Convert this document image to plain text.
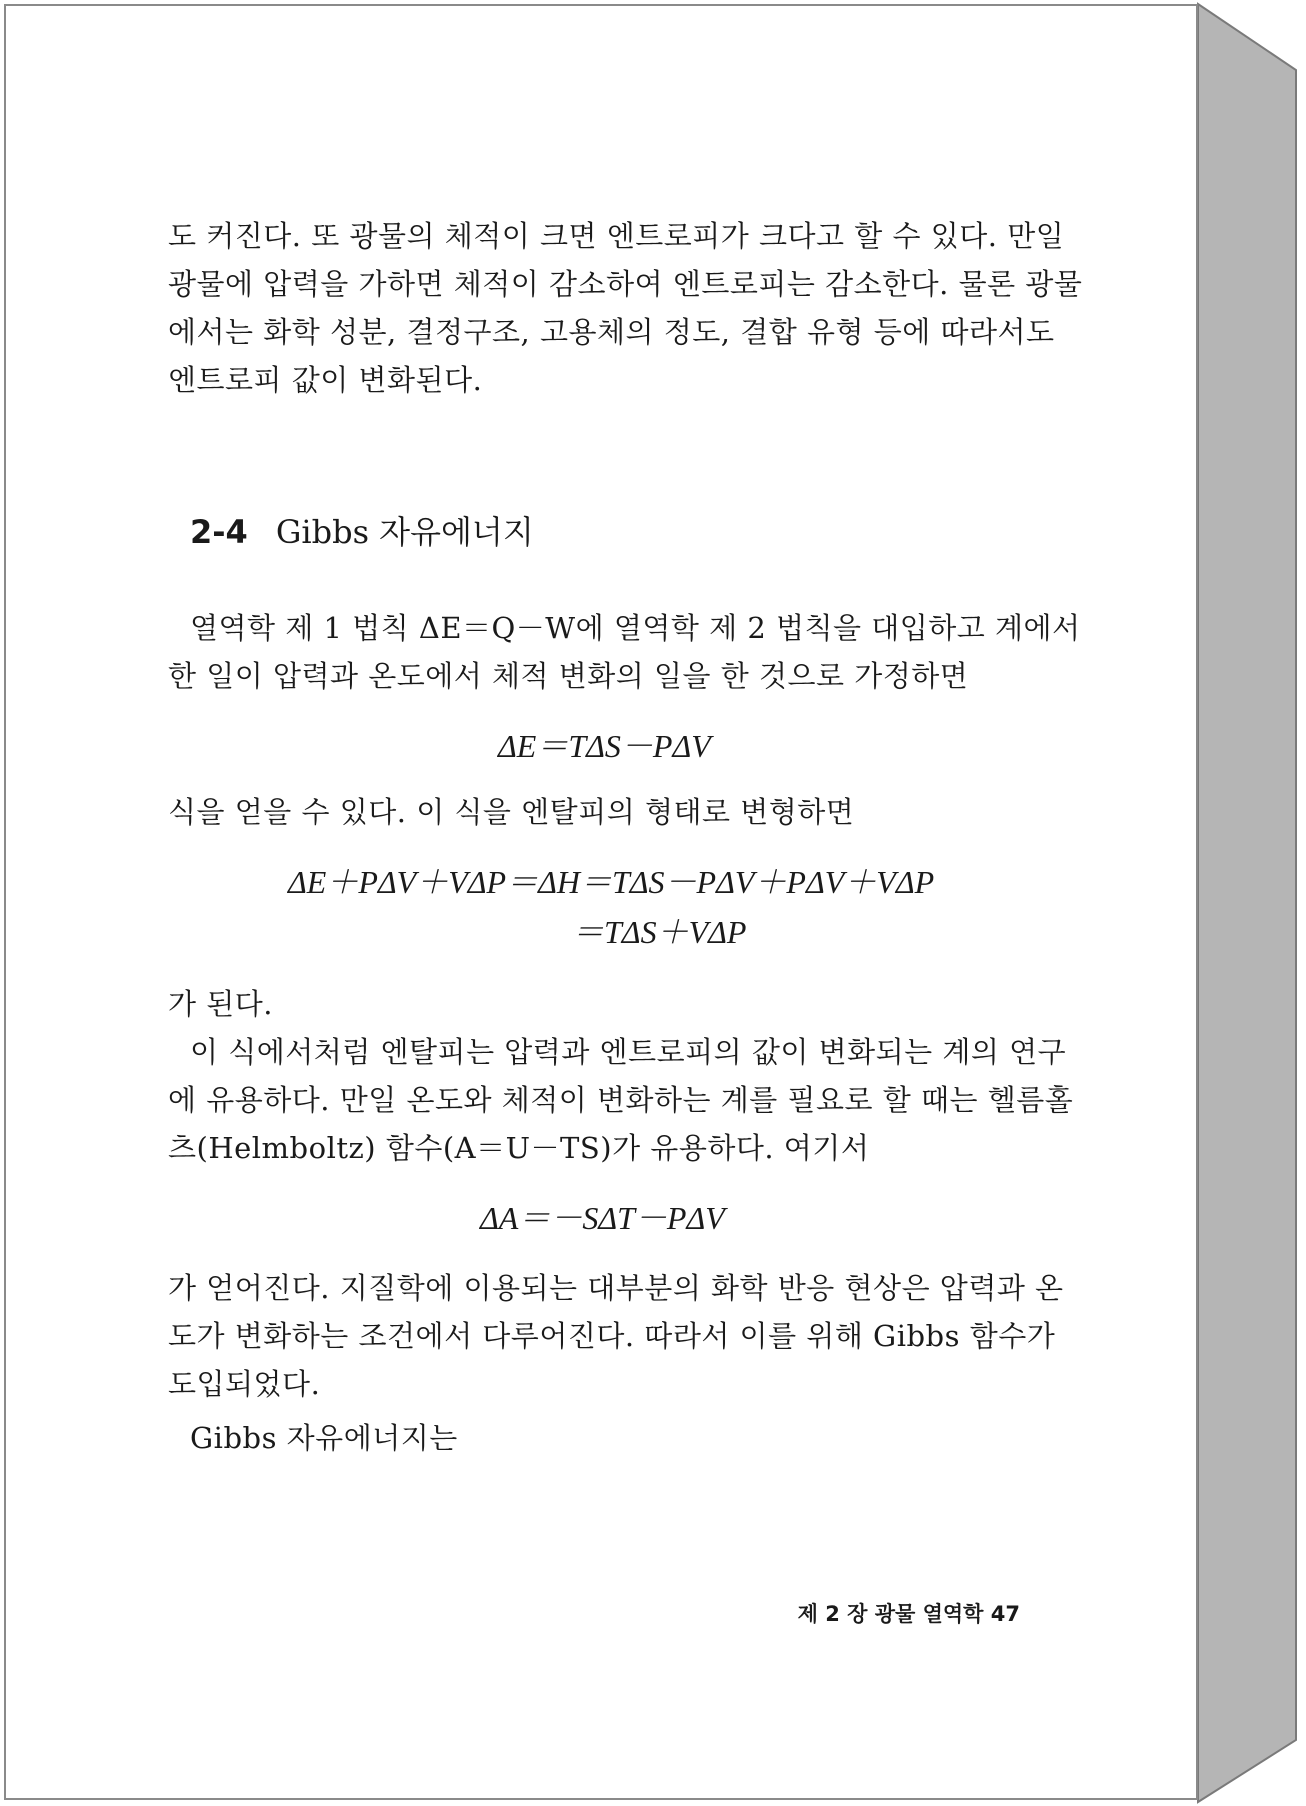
도 커진다. 또 광물의 체적이 크면 엔트로피가 크다고 할 수 있다. 만일
광물에 압력을 가하면 체적이 감소하여 엔트로피는 감소한다. 물론 광물
에서는 화학 성분, 결정구조, 고용체의 정도, 결합 유형 등에 따라서도
엔트로피 값이 변화된다.
2-4 Gibbs 자유에너지
열역학 제 1 법칙 ΔE＝Q－W에 열역학 제 2 법칙을 대입하고 계에서
한 일이 압력과 온도에서 체적 변화의 일을 한 것으로 가정하면
ΔE＝TΔS－PΔV
식을 얻을 수 있다. 이 식을 엔탈피의 형태로 변형하면
ΔE＋PΔV＋VΔP＝ΔH＝TΔS－PΔV＋PΔV＋VΔP
＝TΔS＋VΔP
가 된다.
이 식에서처럼 엔탈피는 압력과 엔트로피의 값이 변화되는 계의 연구
에 유용하다. 만일 온도와 체적이 변화하는 계를 필요로 할 때는 헬름홀
츠(Helmboltz) 함수(A＝U－TS)가 유용하다. 여기서
ΔA＝－SΔT－PΔV
가 얻어진다. 지질학에 이용되는 대부분의 화학 반응 현상은 압력과 온
도가 변화하는 조건에서 다루어진다. 따라서 이를 위해 Gibbs 함수가
도입되었다.
Gibbs 자유에너지는
제 2 장 광물 열역학 47
